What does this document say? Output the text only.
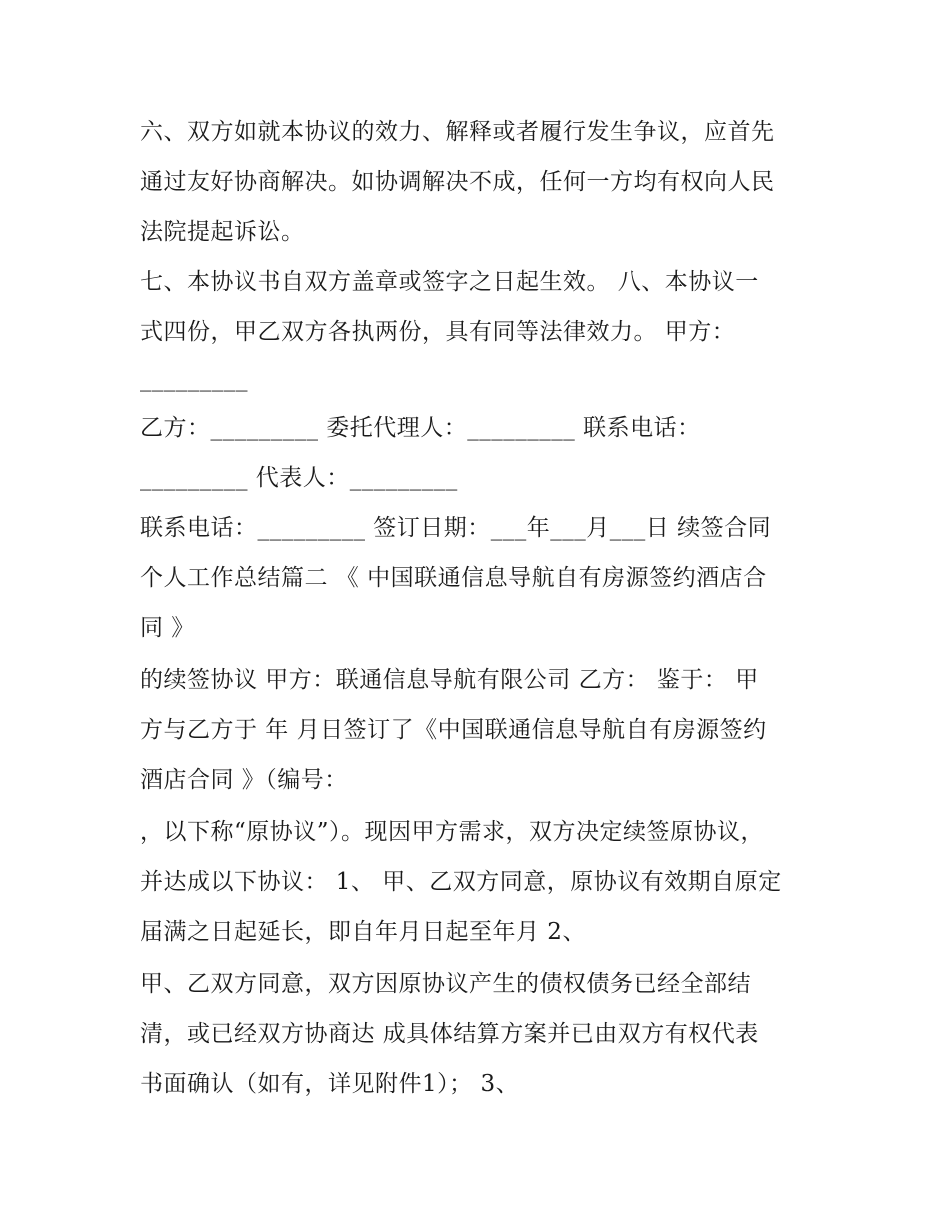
六、双方如就本协议的效力、解释或者履行发生争议，应首先

通过友好协商解决。如协调解决不成，任何一方均有权向人民

法院提起诉讼。

七、本协议书自双方盖章或签字之日起生效。 八、本协议一

式四份，甲乙双方各执两份，具有同等法律效力。 甲方：

_________

乙方：_________ 委托代理人：_________ 联系电话：

_________ 代表人：_________

联系电话：_________ 签订日期：___年___月___日 续签合同

个人工作总结篇二 《 中国联通信息导航自有房源签约酒店合

同 》

的续签协议 甲方：联通信息导航有限公司 乙方： 鉴于： 甲

方与乙方于 年 月日签订了《中国联通信息导航自有房源签约

酒店合同 》（编号：

，以下称“原协议”）。现因甲方需求，双方决定续签原协议，

并达成以下协议： 1、 甲、乙双方同意，原协议有效期自原定

届满之日起延长，即自年月日起至年月 2、

甲、乙双方同意，双方因原协议产生的债权债务已经全部结

清，或已经双方协商达 成具体结算方案并已由双方有权代表

书面确认（如有，详见附件1）； 3、
